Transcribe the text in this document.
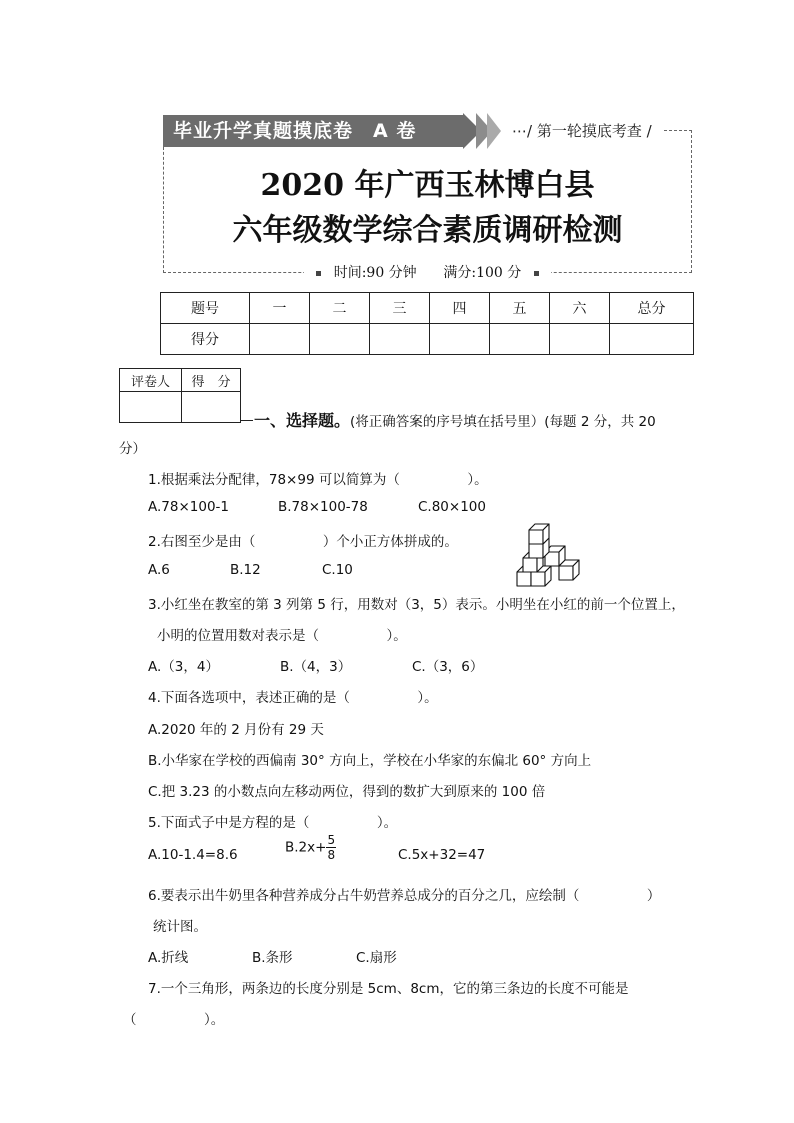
毕业升学真题摸底卷 A 卷	⋯/ 第一轮摸底考查 /
2020 年广西玉林博白县
六年级数学综合素质调研检测
时间:90 分钟 满分:100 分
题号	一	二	三	四	五	六	总分
得分							
评卷人	得　分

一、选择题。(将正确答案的序号填在括号里）(每题 2 分，共 20
分）
1.根据乘法分配律，78×99 可以简算为（　　　　　）。
A.78×100-1	B.78×100-78	C.80×100
2.右图至少是由（　　　　　）个小正方体拼成的。
A.6	B.12	C.10
3.小红坐在教室的第 3 列第 5 行，用数对（3，5）表示。小明坐在小红的前一个位置上，
小明的位置用数对表示是（　　　　　）。
A.（3，4）	B.（4，3）	C.（3，6）
4.下面各选项中，表述正确的是（　　　　　）。
A.2020 年的 2 月份有 29 天
B.小华家在学校的西偏南 30° 方向上，学校在小华家的东偏北 60° 方向上
C.把 3.23 的小数点向左移动两位，得到的数扩大到原来的 100 倍
5.下面式子中是方程的是（　　　　　）。
A.10-1.4=8.6	$B.2x+ \frac{5}{8}$	C.5x+32=47
6.要表示出牛奶里各种营养成分占牛奶营养总成分的百分之几，应绘制（　　　　　）
统计图。
A.折线	B.条形	C.扇形
7.一个三角形，两条边的长度分别是 5cm、8cm，它的第三条边的长度不可能是
（　　　　　）。
